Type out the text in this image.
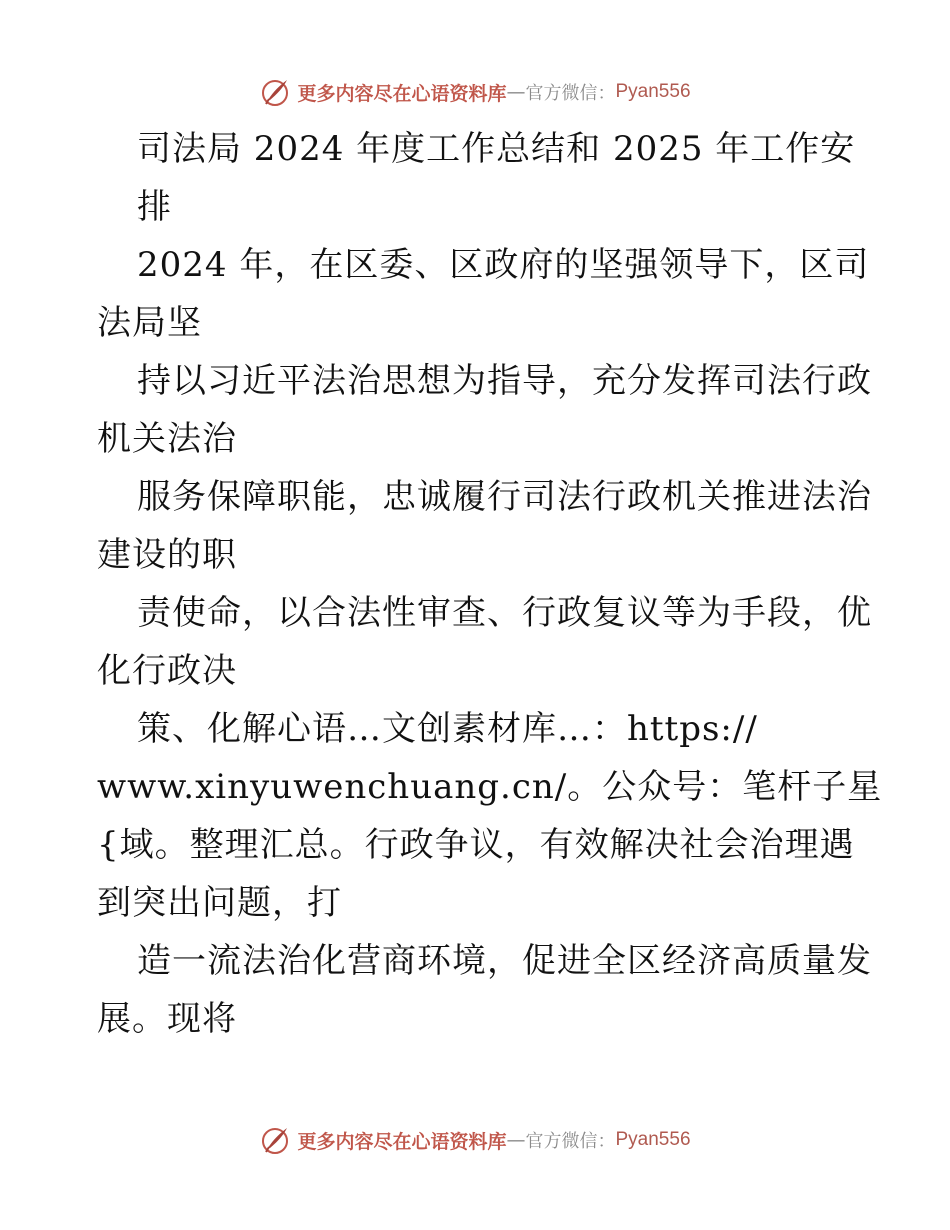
更多内容尽在心语资料库 — 官方微信： Pyan556
司法局 2024 年度工作总结和 2025 年工作安
排
2024 年，在区委、区政府的坚强领导下，区司
法局坚
持以习近平法治思想为指导，充分发挥司法行政
机关法治
服务保障职能，忠诚履行司法行政机关推进法治
建设的职
责使命，以合法性审查、行政复议等为手段，优
化行政决
策、化解心语…文创素材库…：https://
www.xinyuwenchuang.cn/。公众号：笔杆子星
{域。整理汇总。行政争议，有效解决社会治理遇
到突出问题，打
造一流法治化营商环境，促进全区经济高质量发
展。现将
更多内容尽在心语资料库 — 官方微信： Pyan556
